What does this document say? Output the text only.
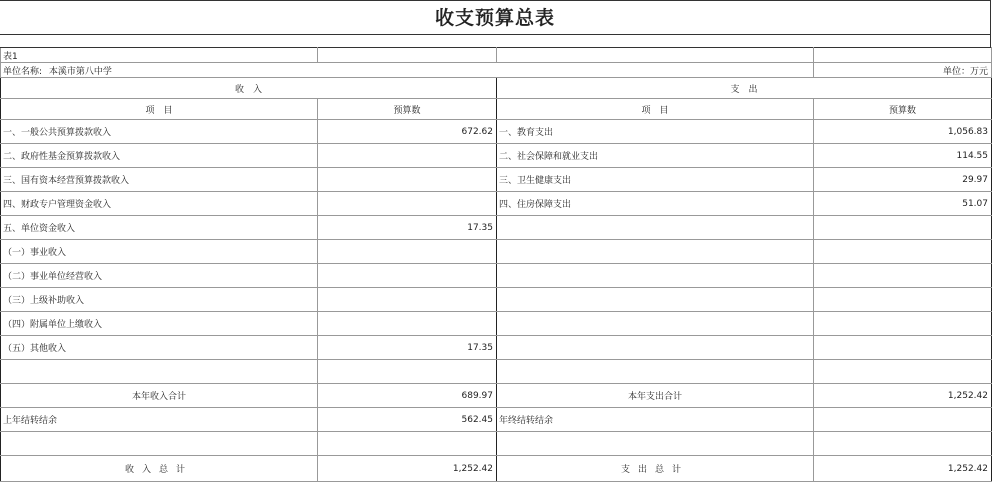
收支预算总表
表1			
单位名称: 本溪市第八中学			单位：万元
收　入		支　出	
项　目	预算数	项　目	预算数
一、一般公共预算拨款收入	672.62	一、教育支出	1,056.83
二、政府性基金预算拨款收入		二、社会保障和就业支出	114.55
三、国有资本经营预算拨款收入		三、卫生健康支出	29.97
四、财政专户管理资金收入		四、住房保障支出	51.07
五、单位资金收入	17.35		
（一）事业收入			
（二）事业单位经营收入			
（三）上级补助收入			
（四）附属单位上缴收入			
（五）其他收入	17.35		

本年收入合计	689.97	本年支出合计	1,252.42
上年结转结余	562.45	年终结转结余	

收入总计	1,252.42	支出总计	1,252.42
